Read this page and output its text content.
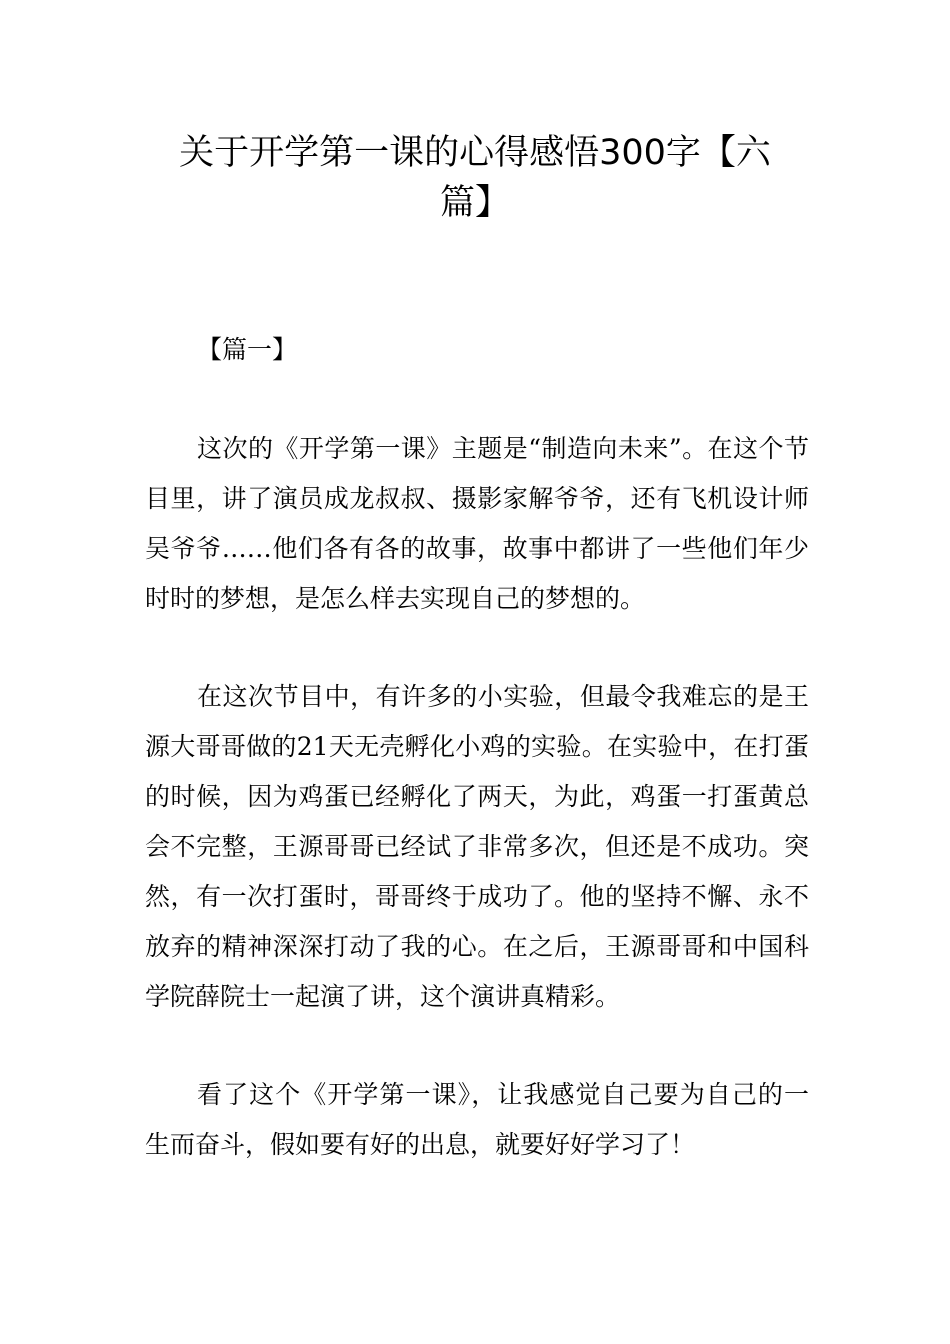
关于开学第一课的心得感悟300字【六篇】

【篇一】

这次的《开学第一课》主题是“制造向未来”。在这个节目里，讲了演员成龙叔叔、摄影家解爷爷，还有飞机设计师吴爷爷……他们各有各的故事，故事中都讲了一些他们年少时时的梦想，是怎么样去实现自己的梦想的。

在这次节目中，有许多的小实验，但最令我难忘的是王源大哥哥做的21天无壳孵化小鸡的实验。在实验中，在打蛋的时候，因为鸡蛋已经孵化了两天，为此，鸡蛋一打蛋黄总会不完整，王源哥哥已经试了非常多次，但还是不成功。突然，有一次打蛋时，哥哥终于成功了。他的坚持不懈、永不放弃的精神深深打动了我的心。在之后，王源哥哥和中国科学院薛院士一起演了讲，这个演讲真精彩。

看了这个《开学第一课》，让我感觉自己要为自己的一生而奋斗，假如要有好的出息，就要好好学习了！
